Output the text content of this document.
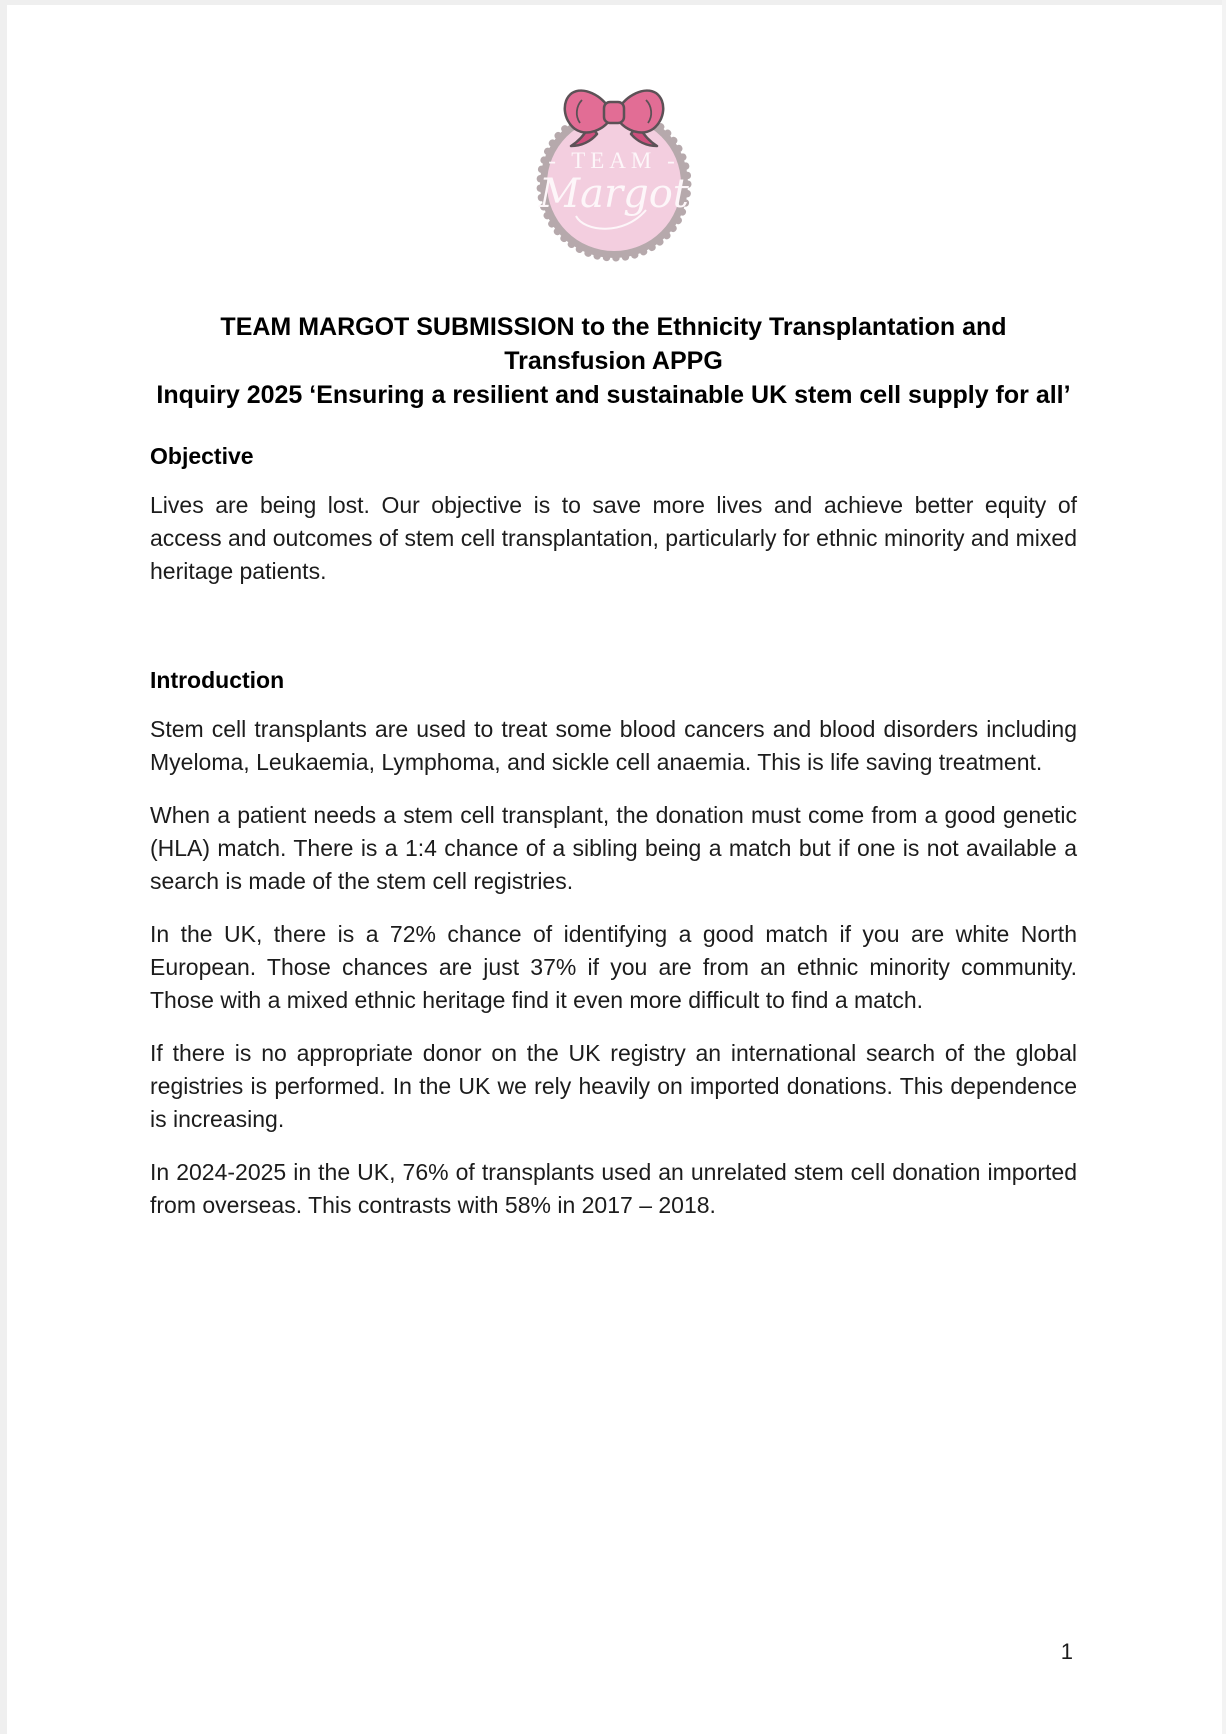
- TEAM -
Margot
TEAM MARGOT SUBMISSION to the Ethnicity Transplantation and Transfusion APPG
Inquiry 2025 ‘Ensuring a resilient and sustainable UK stem cell supply for all’
Objective

Lives are being lost. Our objective is to save more lives and achieve better equity of access and outcomes of stem cell transplantation, particularly for ethnic minority and mixed heritage patients.

Introduction

Stem cell transplants are used to treat some blood cancers and blood disorders including Myeloma, Leukaemia, Lymphoma, and sickle cell anaemia. This is life saving treatment.

When a patient needs a stem cell transplant, the donation must come from a good genetic (HLA) match. There is a 1:4 chance of a sibling being a match but if one is not available a search is made of the stem cell registries.

In the UK, there is a 72% chance of identifying a good match if you are white North European. Those chances are just 37% if you are from an ethnic minority community. Those with a mixed ethnic heritage find it even more difficult to find a match.

If there is no appropriate donor on the UK registry an international search of the global registries is performed. In the UK we rely heavily on imported donations. This dependence is increasing.

In 2024-2025 in the UK, 76% of transplants used an unrelated stem cell donation imported from overseas. This contrasts with 58% in 2017 – 2018.

1
